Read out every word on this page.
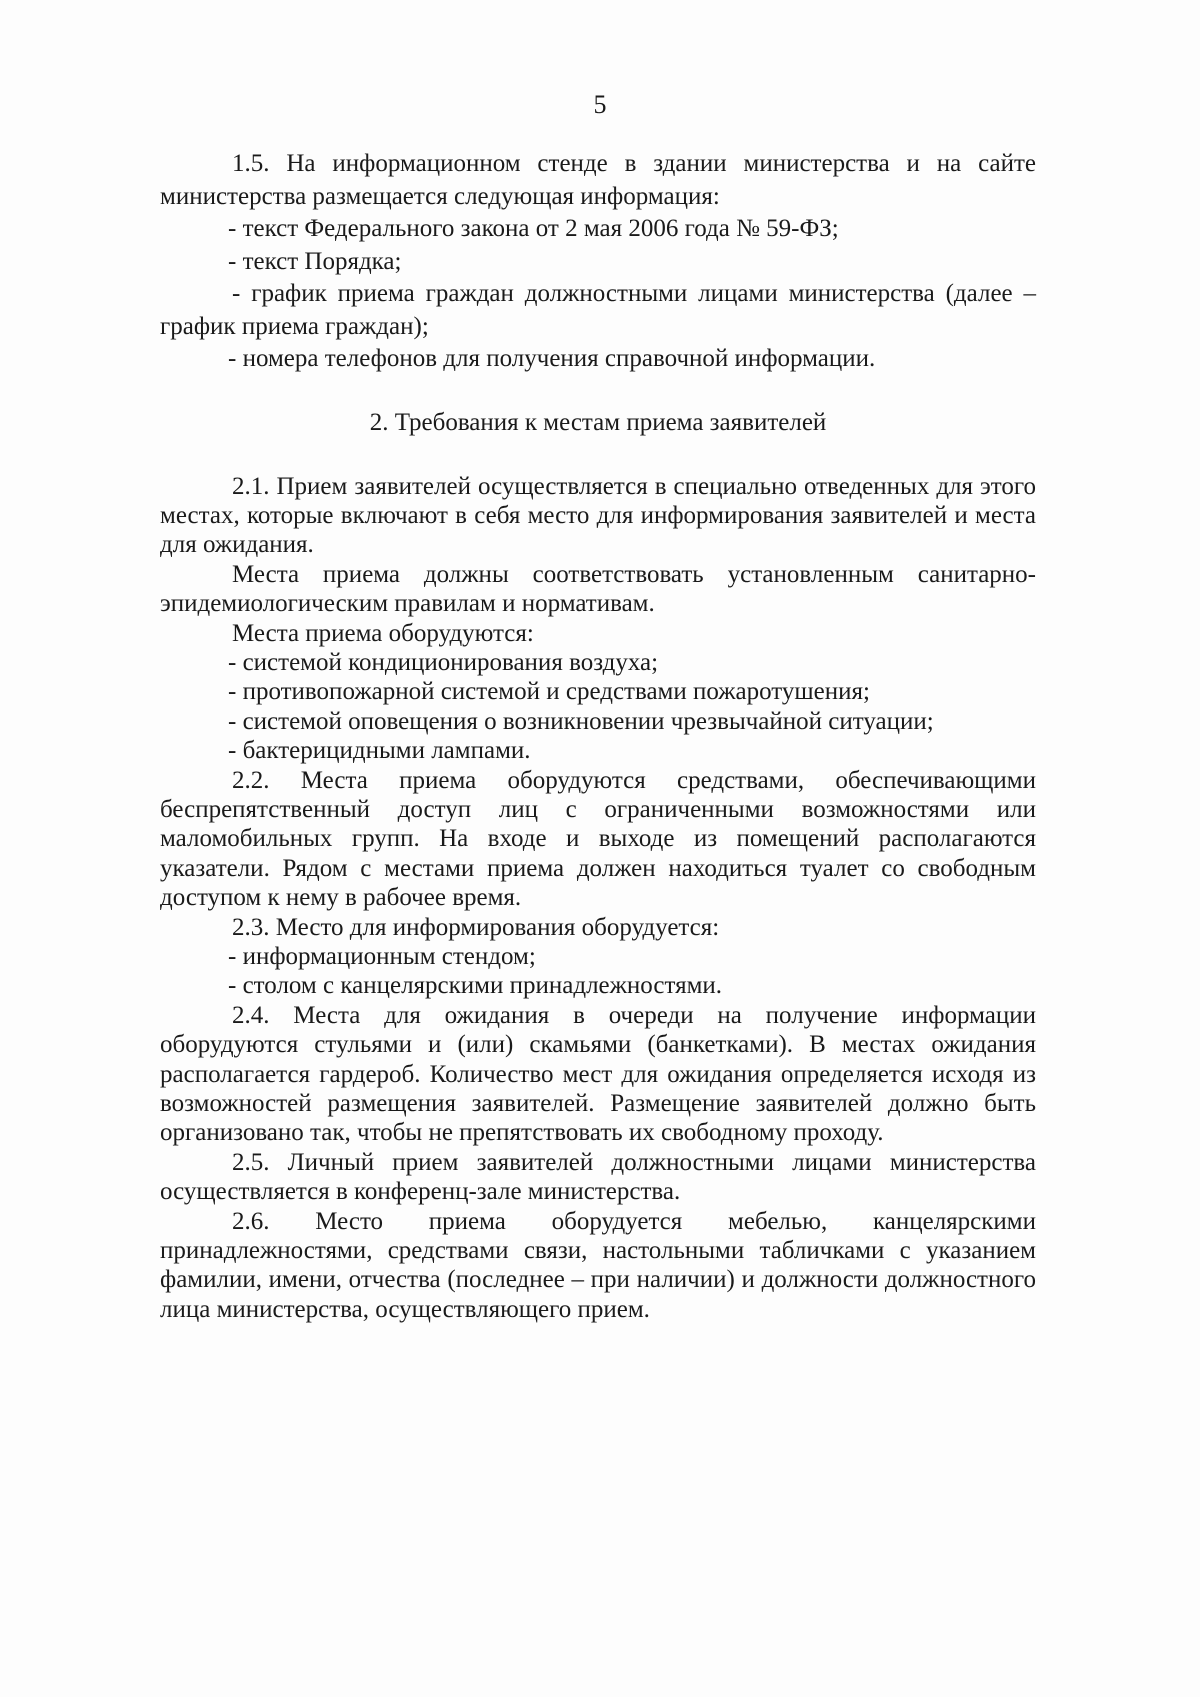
5

1.5. На информационном стенде в здании министерства и на сайте министерства размещается следующая информация:

- текст Федерального закона от 2 мая 2006 года № 59-ФЗ;

- текст Порядка;

- график приема граждан должностными лицами министерства (далее – график приема граждан);

- номера телефонов для получения справочной информации.

2. Требования к местам приема заявителей

2.1. Прием заявителей осуществляется в специально отведенных для этого местах, которые включают в себя место для информирования заявителей и места для ожидания.

Места приема должны соответствовать установленным санитарно-эпидемиологическим правилам и нормативам.

Места приема оборудуются:

- системой кондиционирования воздуха;

- противопожарной системой и средствами пожаротушения;

- системой оповещения о возникновении чрезвычайной ситуации;

- бактерицидными лампами.

2.2. Места приема оборудуются средствами, обеспечивающими беспрепятственный доступ лиц с ограниченными возможностями или маломобильных групп. На входе и выходе из помещений располагаются указатели. Рядом с местами приема должен находиться туалет со свободным доступом к нему в рабочее время.

2.3. Место для информирования оборудуется:

- информационным стендом;

- столом с канцелярскими принадлежностями.

2.4. Места для ожидания в очереди на получение информации оборудуются стульями и (или) скамьями (банкетками). В местах ожидания располагается гардероб. Количество мест для ожидания определяется исходя из возможностей размещения заявителей. Размещение заявителей должно быть организовано так, чтобы не препятствовать их свободному проходу.

2.5. Личный прием заявителей должностными лицами министерства осуществляется в конференц-зале министерства.

2.6. Место приема оборудуется мебелью, канцелярскими принадлежностями, средствами связи, настольными табличками с указанием фамилии, имени, отчества (последнее – при наличии) и должности должностного лица министерства, осуществляющего прием.
